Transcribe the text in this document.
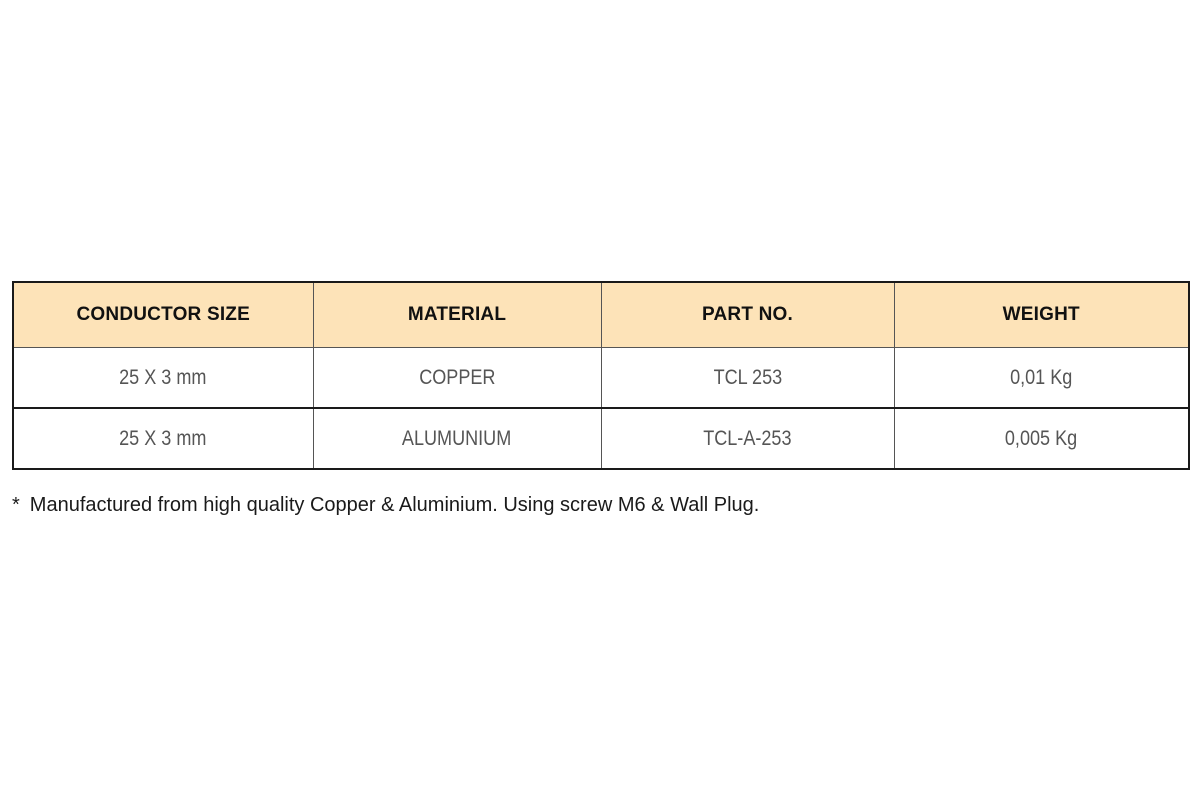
CONDUCTOR SIZE	MATERIAL	PART NO.	WEIGHT
25 X 3 mm	COPPER	TCL 253	0,01 Kg
25 X 3 mm	ALUMUNIUM	TCL-A-253	0,005 Kg
* Manufactured from high quality Copper & Aluminium. Using screw M6 & Wall Plug.
